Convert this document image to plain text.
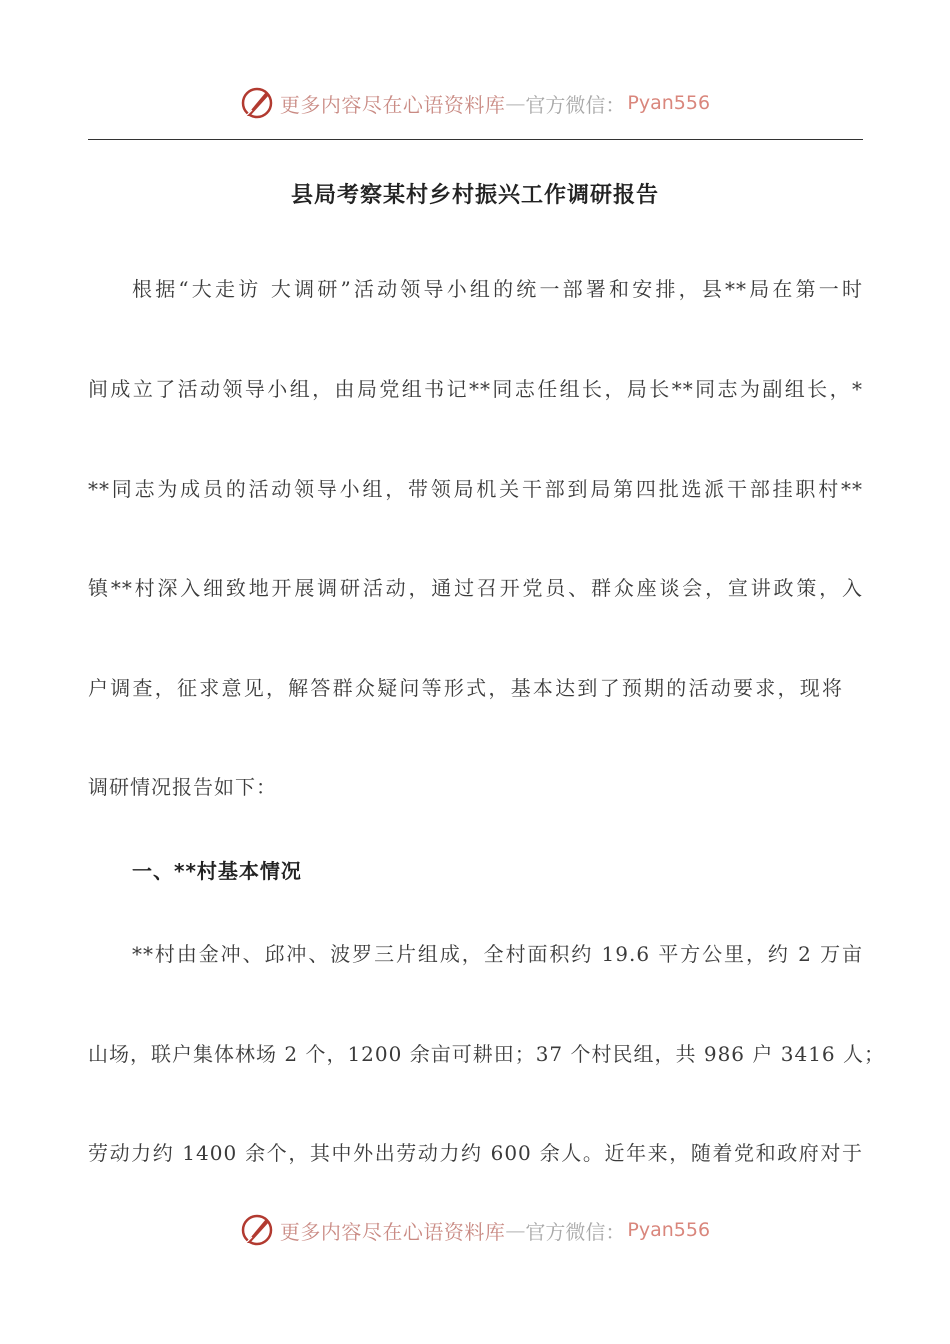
更多内容尽在心语资料库 — 官方微信： Pyan556
县局考察某村乡村振兴工作调研报告
根据“大走访 大调研”活动领导小组的统一部署和安排，县**局在第一时
间成立了活动领导小组，由局党组书记**同志任组长，局长**同志为副组长，*
**同志为成员的活动领导小组，带领局机关干部到局第四批选派干部挂职村**
镇**村深入细致地开展调研活动，通过召开党员、群众座谈会，宣讲政策，入
户调查，征求意见，解答群众疑问等形式，基本达到了预期的活动要求，现将
调研情况报告如下：
一、**村基本情况
**村由金冲、邱冲、波罗三片组成，全村面积约 19.6 平方公里，约 2 万亩
山场，联户集体林场 2 个，1200 余亩可耕田；37 个村民组，共 986 户 3416 人；
劳动力约 1400 余个，其中外出劳动力约 600 余人。近年来，随着党和政府对于
更多内容尽在心语资料库 — 官方微信： Pyan556
